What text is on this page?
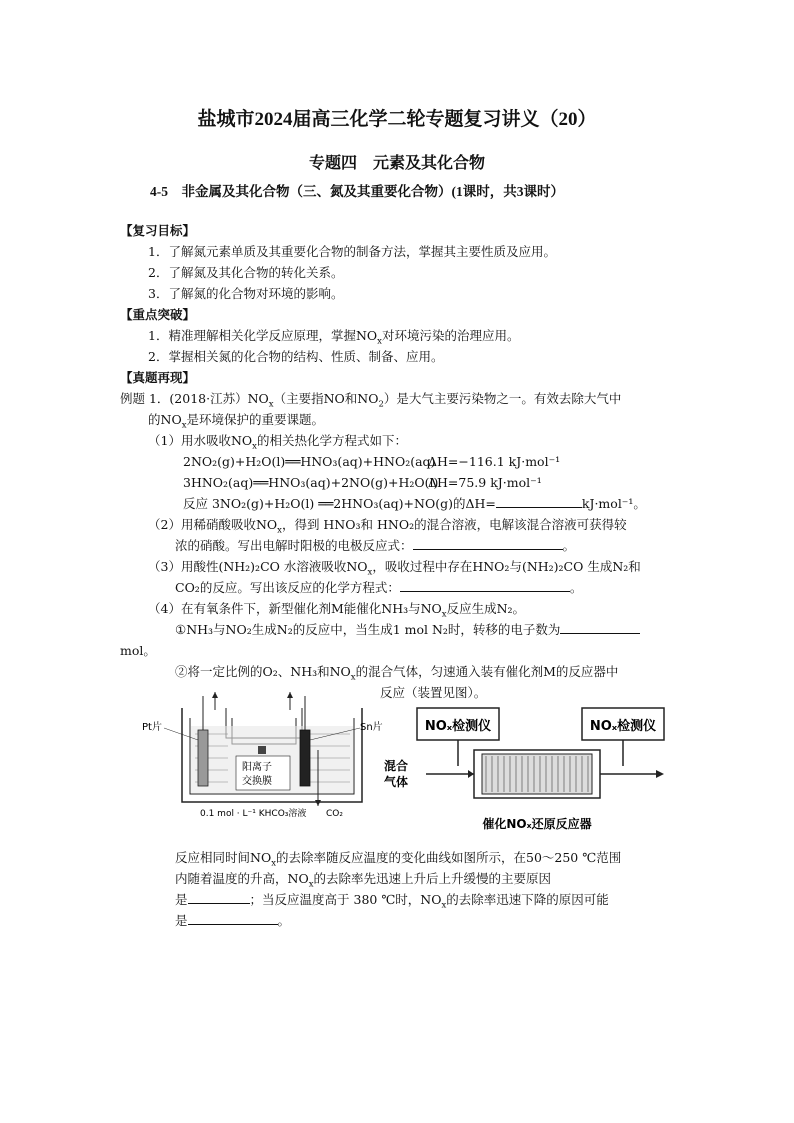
盐城市2024届高三化学二轮专题复习讲义（20）
专题四　元素及其化合物
4-5　非金属及其化合物（三、氮及其重要化合物）(1课时，共3课时）
【复习目标】
1．了解氮元素单质及其重要化合物的制备方法，掌握其主要性质及应用。
2．了解氮及其化合物的转化关系。
3．了解氮的化合物对环境的影响。
【重点突破】
1．精准理解相关化学反应原理，掌握$NO_x$对环境污染的治理应用。
2．掌握相关氮的化合物的结构、性质、制备、应用。
【真题再现】
例题 1．(2018·江苏）$NO_x$（主要指NO和$NO_2$）是大气主要污染物之一。有效去除大气中
的$NO_x$是环境保护的重要课题。
（1）用水吸收$NO_x$的相关热化学方程式如下：
2NO₂(g)+H₂O(l)══HNO₃(aq)+HNO₂(aq)
ΔH=−116.1 kJ·mol⁻¹
3HNO₂(aq)══HNO₃(aq)+2NO(g)+H₂O(l)
ΔH=75.9 kJ·mol⁻¹
反应 3NO₂(g)+H₂O(l) ══2HNO₃(aq)+NO(g)的ΔH=	kJ·mol⁻¹。
（2）用稀硝酸吸收$NO_x$，得到 HNO₃和 HNO₂的混合溶液，电解该混合溶液可获得较
浓的硝酸。写出电解时阳极的电极反应式：	。
（3）用酸性(NH₂)₂CO 水溶液吸收$NO_x$，吸收过程中存在HNO₂与(NH₂)₂CO 生成N₂和
CO₂的反应。写出该反应的化学方程式：	。
（4）在有氧条件下，新型催化剂M能催化NH₃与$NO_x$反应生成N₂。
①NH₃与NO₂生成N₂的反应中，当生成1 mol N₂时，转移的电子数为
mol。
②将一定比例的O₂、NH₃和$NO_x$的混合气体，匀速通入装有催化剂M的反应器中
反应（装置见图）。
Pt片	Sn片
阳离子
交换膜
0.1 mol · L⁻¹ KHCO₃溶液 CO₂
NOₓ检测仪	NOₓ检测仪
混合
气体
催化NOₓ还原反应器
反应相同时间$NO_x$的去除率随反应温度的变化曲线如图所示，在50～250 ℃范围
内随着温度的升高，$NO_x$的去除率先迅速上升后上升缓慢的主要原因
是	；当反应温度高于 380 ℃时，$NO_x$的去除率迅速下降的原因可能
是	。
